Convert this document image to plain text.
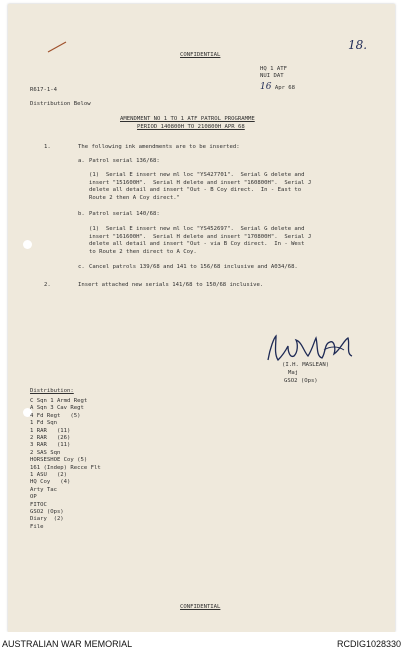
CONFIDENTIAL
18.
HQ 1 ATF
NUI DAT
16 Apr 68
R617-1-4
Distribution Below
AMENDMENT NO 1 TO 1 ATF PATROL PROGRAMME
PERIOD 140800H TO 210800H APR 68
1.	The following ink amendments are to be inserted:
a. Patrol serial 136/68:
(1)  Serial E insert new ml loc "YS427701".  Serial G delete and
insert "151600H".  Serial H delete and insert "160800H".  Serial J
delete all detail and insert "Out - B Coy direct.  In - East to
Route 2 then A Coy direct."
b. Patrol serial 140/68:
(1)  Serial E insert new ml loc "YS452697".  Serial G delete and
insert "161600H".  Serial H delete and insert "170800H".  Serial J
delete all detail and insert "Out - via B Coy direct.  In - West
to Route 2 then direct to A Coy.
c. Cancel patrols 139/68 and 141 to 156/68 inclusive and A034/68.
2.	Insert attached new serials 141/68 to 150/68 inclusive.
(I.H. MASLEAN)
Maj
GSO2 (Ops)
Distribution:
C Sqn 1 Armd Regt
A Sqn 3 Cav Regt
4 Fd Regt   (5)
1 Fd Sqn
1 RAR   (11)
2 RAR   (26)
3 RAR   (11)
2 SAS Sqn
HORSESHOE Coy (5)
161 (Indep) Recce Flt
1 ASU   (2)
HQ Coy   (4)
Arty Tac
OP
FITOC
GSO2 (Ops)
Diary  (2)
File
CONFIDENTIAL
AUSTRALIAN WAR MEMORIAL	RCDIG1028330
